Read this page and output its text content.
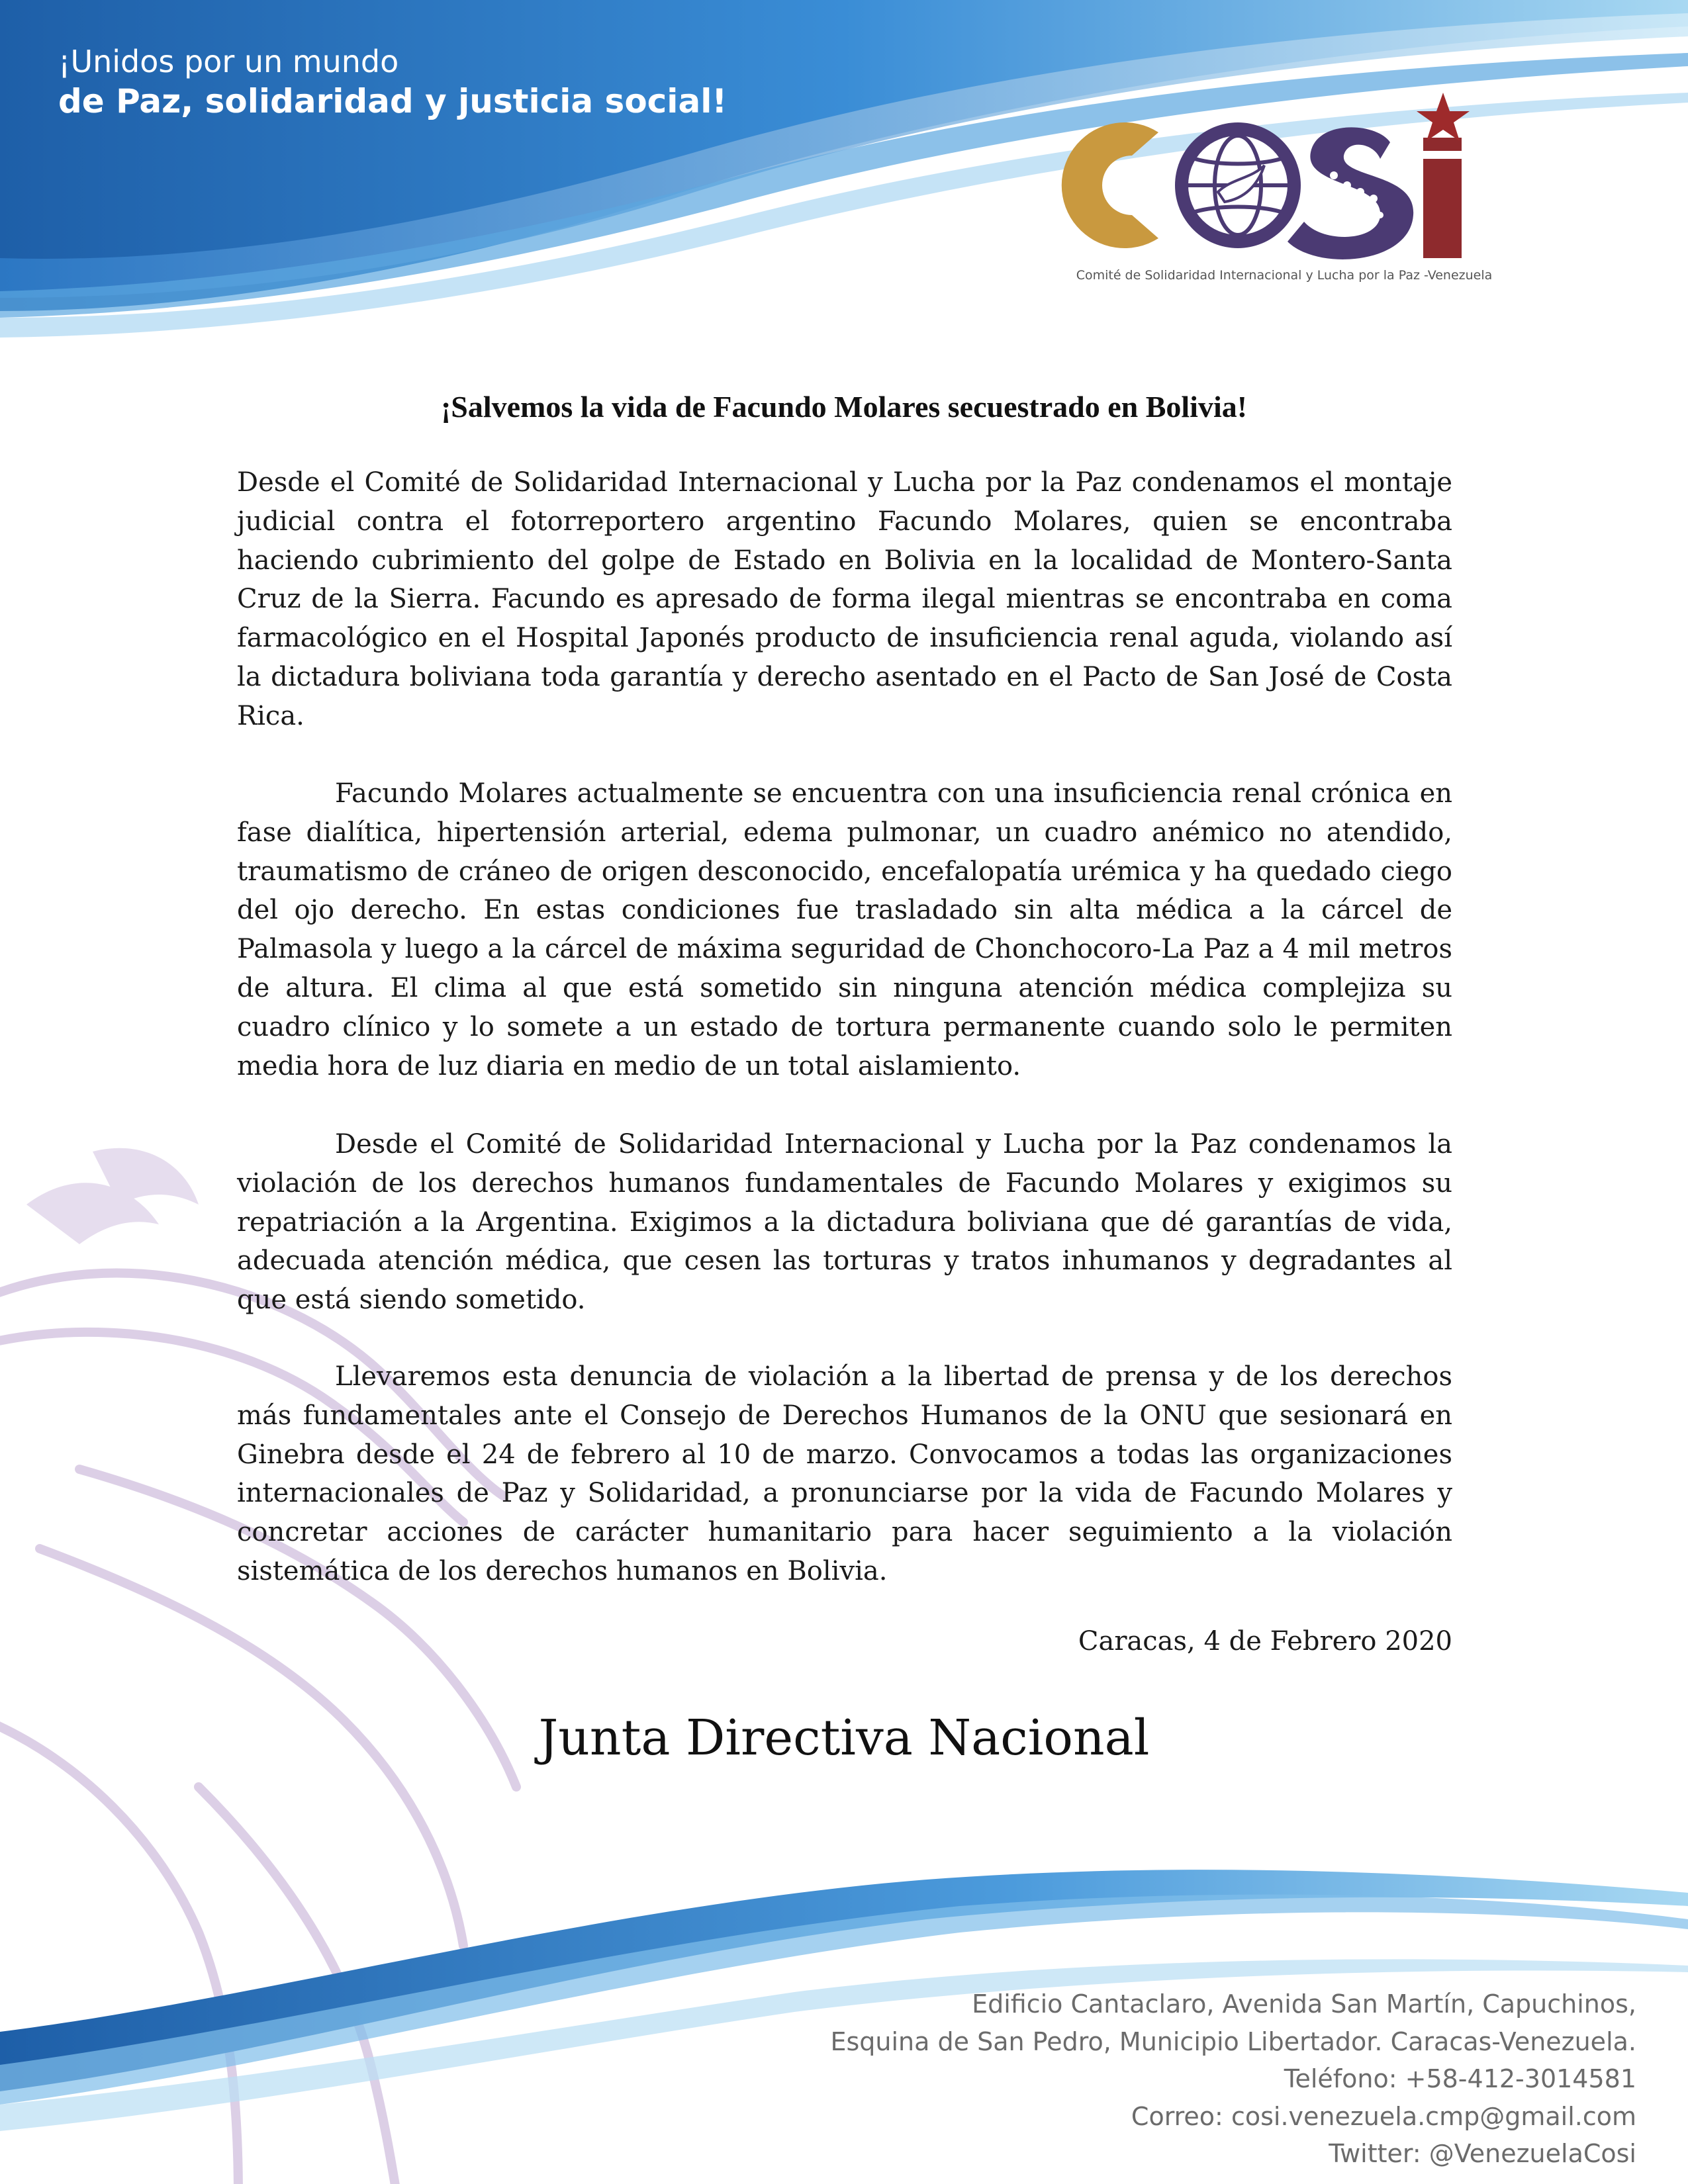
¡Unidos por un mundo
de Paz, solidaridad y justicia social!
Comité de Solidaridad Internacional y Lucha por la Paz -Venezuela
¡Salvemos la vida de Facundo Molares secuestrado en Bolivia!

Desde el Comité de Solidaridad Internacional y Lucha por la Paz condenamos el montaje judicial contra el fotorreportero argentino Facundo Molares, quien se encontraba haciendo cubrimiento del golpe de Estado en Bolivia en la localidad de Montero-Santa Cruz de la Sierra. Facundo es apresado de forma ilegal mientras se encontraba en coma farmacológico en el Hospital Japonés producto de insuficiencia renal aguda, violando así la dictadura boliviana toda garantía y derecho asentado en el Pacto de San José de Costa Rica.

Facundo Molares actualmente se encuentra con una insuficiencia renal crónica en fase dialítica, hipertensión arterial, edema pulmonar, un cuadro anémico no atendido, traumatismo de cráneo de origen desconocido, encefalopatía urémica y ha quedado ciego del ojo derecho. En estas condiciones fue trasladado sin alta médica a la cárcel de Palmasola y luego a la cárcel de máxima seguridad de Chonchocoro-La Paz a 4 mil metros de altura. El clima al que está sometido sin ninguna atención médica complejiza su cuadro clínico y lo somete a un estado de tortura permanente cuando solo le permiten media hora de luz diaria en medio de un total aislamiento.

Desde el Comité de Solidaridad Internacional y Lucha por la Paz condenamos la violación de los derechos humanos fundamentales de Facundo Molares y exigimos su repatriación a la Argentina. Exigimos a la dictadura boliviana que dé garantías de vida, adecuada atención médica, que cesen las torturas y tratos inhumanos y degradantes al que está siendo sometido.

Llevaremos esta denuncia de violación a la libertad de prensa y de los derechos más fundamentales ante el Consejo de Derechos Humanos de la ONU que sesionará en Ginebra desde el 24 de febrero al 10 de marzo. Convocamos a todas las organizaciones internacionales de Paz y Solidaridad, a pronunciarse por la vida de Facundo Molares y concretar acciones de carácter humanitario para hacer seguimiento a la violación sistemática de los derechos humanos en Bolivia.

Caracas, 4 de Febrero 2020
Junta Directiva Nacional
Edificio Cantaclaro, Avenida San Martín, Capuchinos,
Esquina de San Pedro, Municipio Libertador. Caracas-Venezuela.
Teléfono: +58-412-3014581
Correo: cosi.venezuela.cmp@gmail.com
Twitter: @VenezuelaCosi
